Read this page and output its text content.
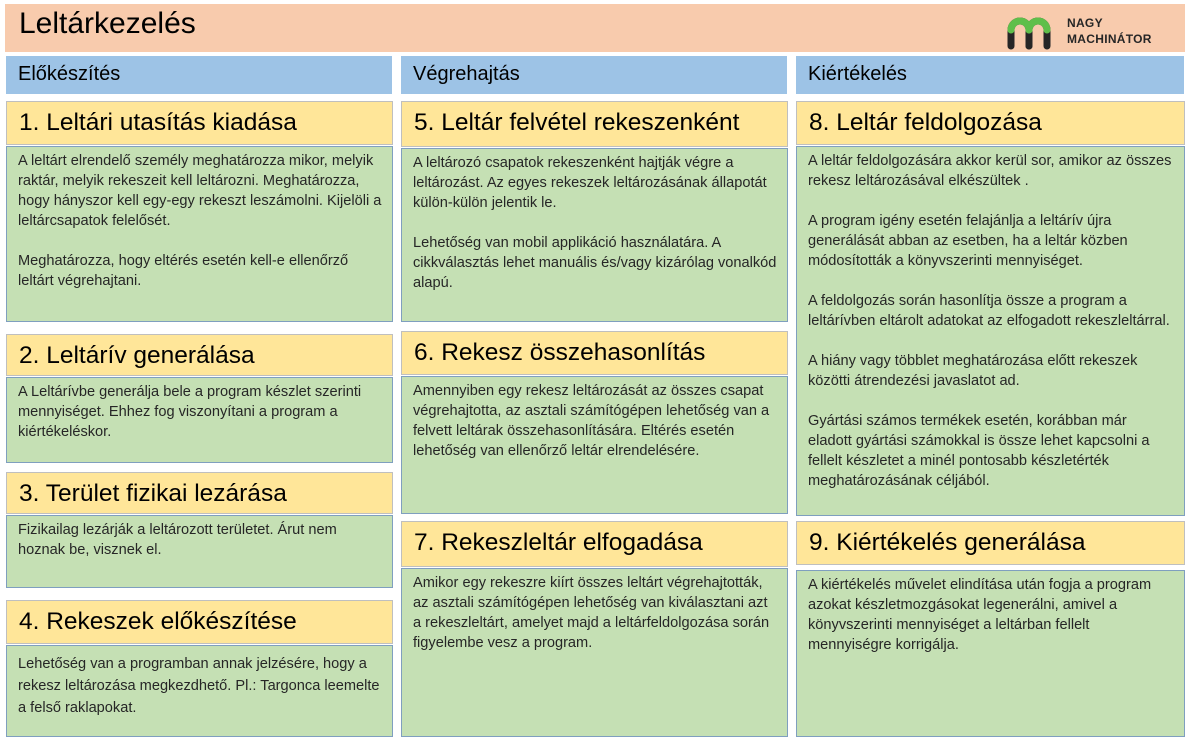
Leltárkezelés	NAGY
MACHINÁTOR
Előkészítés	Végrehajtás	Kiértékelés
1. Leltári utasítás kiadása

A leltárt elrendelő személy meghatározza mikor, melyik raktár, melyik rekeszeit kell leltározni. Meghatározza, hogy hányszor kell egy-egy rekeszt leszámolni. Kijelöli a leltárcsapatok felelősét.

Meghatározza, hogy eltérés esetén kell-e ellenőrző leltárt végrehajtani.

2. Leltárív generálása

A Leltárívbe generálja bele a program készlet szerinti mennyiséget. Ehhez fog viszonyítani a program a kiértékeléskor.

3. Terület fizikai lezárása

Fizikailag lezárják a leltározott területet. Árut nem hoznak be, visznek el.

4. Rekeszek előkészítése

Lehetőség van a programban annak jelzésére, hogy a rekesz leltározása megkezdhető. Pl.: Targonca leemelte a felső raklapokat.

5. Leltár felvétel rekeszenként

A leltározó csapatok rekeszenként hajtják végre a leltározást. Az egyes rekeszek leltározásának állapotát külön-külön jelentik le.

Lehetőség van mobil applikáció használatára. A cikkválasztás lehet manuális és/vagy kizárólag vonalkód alapú.

6. Rekesz összehasonlítás

Amennyiben egy rekesz leltározását az összes csapat végrehajtotta, az asztali számítógépen lehetőség van a felvett leltárak összehasonlítására. Eltérés esetén lehetőség van ellenőrző leltár elrendelésére.

7. Rekeszleltár elfogadása

Amikor egy rekeszre kiírt összes leltárt végrehajtották, az asztali számítógépen lehetőség van kiválasztani azt a rekeszleltárt, amelyet majd a leltárfeldolgozása során figyelembe vesz a program.

8. Leltár feldolgozása

A leltár feldolgozására akkor kerül sor, amikor az összes rekesz leltározásával elkészültek .

A program igény esetén felajánlja a leltárív újra generálását abban az esetben, ha a leltár közben módosították a könyvszerinti mennyiséget.

A feldolgozás során hasonlítja össze a program a leltárívben eltárolt adatokat az elfogadott rekeszleltárral.

A hiány vagy többlet meghatározása előtt rekeszek közötti átrendezési javaslatot ad.

Gyártási számos termékek esetén, korábban már eladott gyártási számokkal is össze lehet kapcsolni a fellelt készletet a minél pontosabb készletérték meghatározásának céljából.

9. Kiértékelés generálása

A kiértékelés művelet elindítása után fogja a program azokat készletmozgásokat legenerálni, amivel a könyvszerinti mennyiséget a leltárban fellelt mennyiségre korrigálja.
